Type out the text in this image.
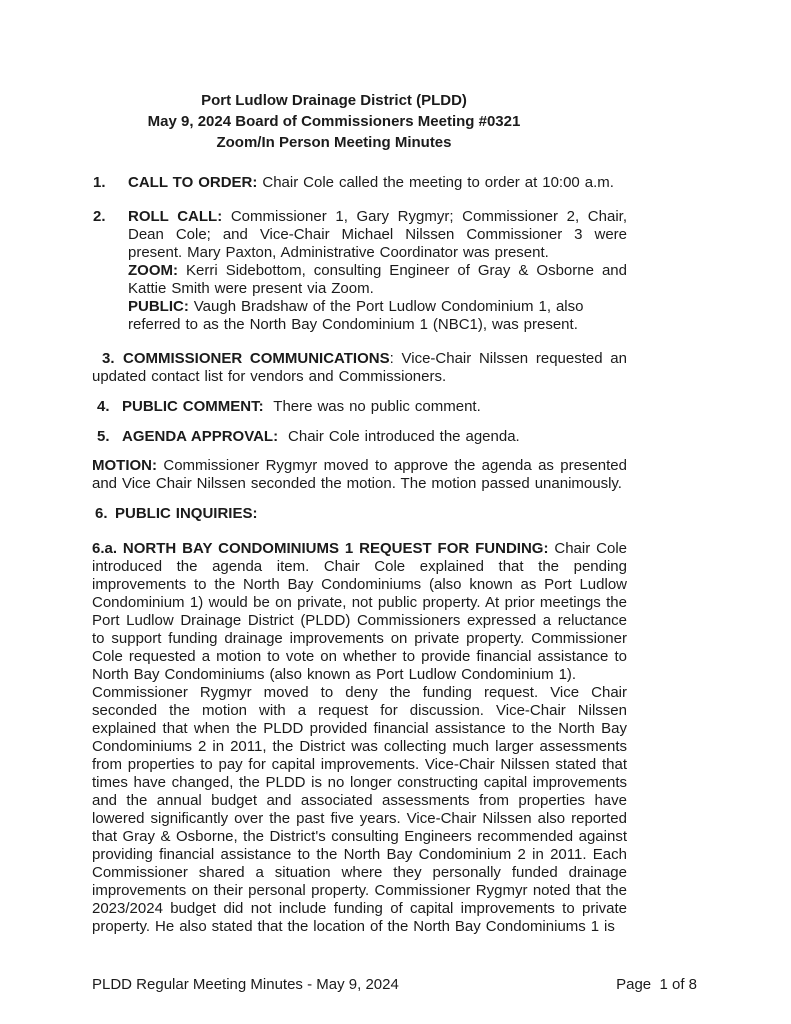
Port Ludlow Drainage District (PLDD)
May 9, 2024 Board of Commissioners Meeting #0321
Zoom/In Person Meeting Minutes
1.	CALL TO ORDER: Chair Cole called the meeting to order at 10:00 a.m.
2.	ROLL CALL: Commissioner 1, Gary Rygmyr; Commissioner 2, Chair, Dean Cole; and Vice-Chair Michael Nilssen Commissioner 3 were present. Mary Paxton, Administrative Coordinator was present.
ZOOM: Kerri Sidebottom, consulting Engineer of Gray & Osborne and Kattie Smith were present via Zoom.
PUBLIC: Vaugh Bradshaw of the Port Ludlow Condominium 1, also referred to as the North Bay Condominium 1 (NBC1), was present.
3. COMMISSIONER COMMUNICATIONS: Vice-Chair Nilssen requested an updated contact list for vendors and Commissioners.
4. PUBLIC COMMENT:  There was no public comment.
5. AGENDA APPROVAL:  Chair Cole introduced the agenda.
MOTION: Commissioner Rygmyr moved to approve the agenda as presented and Vice Chair Nilssen seconded the motion. The motion passed unanimously.
6. PUBLIC INQUIRIES:
6.a. NORTH BAY CONDOMINIUMS 1 REQUEST FOR FUNDING: Chair Cole introduced the agenda item. Chair Cole explained that the pending improvements to the North Bay Condominiums (also known as Port Ludlow Condominium 1) would be on private, not public property. At prior meetings the Port Ludlow Drainage District (PLDD) Commissioners expressed a reluctance to support funding drainage improvements on private property. Commissioner Cole requested a motion to vote on whether to provide financial assistance to North Bay Condominiums (also known as Port Ludlow Condominium 1).
Commissioner Rygmyr moved to deny the funding request. Vice Chair seconded the motion with a request for discussion. Vice-Chair Nilssen explained that when the PLDD provided financial assistance to the North Bay Condominiums 2 in 2011, the District was collecting much larger assessments from properties to pay for capital improvements. Vice-Chair Nilssen stated that times have changed, the PLDD is no longer constructing capital improvements and the annual budget and associated assessments from properties have lowered significantly over the past five years. Vice-Chair Nilssen also reported that Gray & Osborne, the District's consulting Engineers recommended against providing financial assistance to the North Bay Condominium 2 in 2011. Each Commissioner shared a situation where they personally funded drainage improvements on their personal property. Commissioner Rygmyr noted that the 2023/2024 budget did not include funding of capital improvements to private property. He also stated that the location of the North Bay Condominiums 1 is
PLDD Regular Meeting Minutes - May 9, 2024	Page  1 of 8
